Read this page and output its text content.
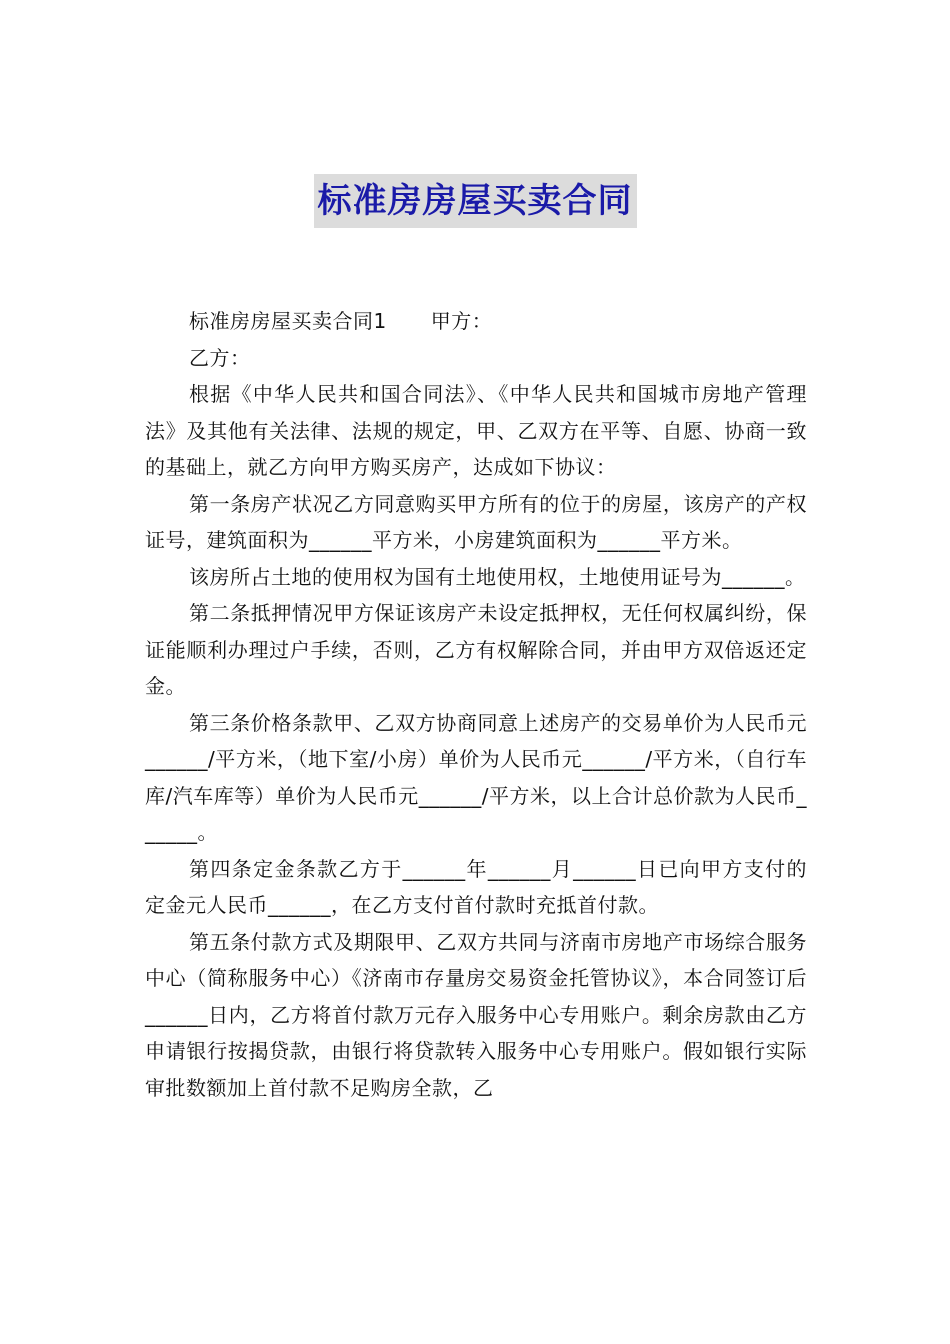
标准房房屋买卖合同

标准房房屋买卖合同1 甲方：

乙方：

根据《中华人民共和国合同法》、《中华人民共和国城市房地产管理法》及其他有关法律、法规的规定，甲、乙双方在平等、自愿、协商一致的基础上，就乙方向甲方购买房产，达成如下协议：

第一条房产状况乙方同意购买甲方所有的位于的房屋，该房产的产权证号，建筑面积为______平方米，小房建筑面积为______平方米。

该房所占土地的使用权为国有土地使用权，土地使用证号为______。

第二条抵押情况甲方保证该房产未设定抵押权，无任何权属纠纷，保证能顺利办理过户手续，否则，乙方有权解除合同，并由甲方双倍返还定金。

第三条价格条款甲、乙双方协商同意上述房产的交易单价为人民币元______/平方米，（地下室/小房）单价为人民币元______/平方米，（自行车库/汽车库等）单价为人民币元______/平方米，以上合计总价款为人民币______。

第四条定金条款乙方于______年______月______日已向甲方支付的定金元人民币______，在乙方支付首付款时充抵首付款。

第五条付款方式及期限甲、乙双方共同与济南市房地产市场综合服务中心（简称服务中心）《济南市存量房交易资金托管协议》，本合同签订后______日内，乙方将首付款万元存入服务中心专用账户。剩余房款由乙方申请银行按揭贷款，由银行将贷款转入服务中心专用账户。假如银行实际审批数额加上首付款不足购房全款，乙
